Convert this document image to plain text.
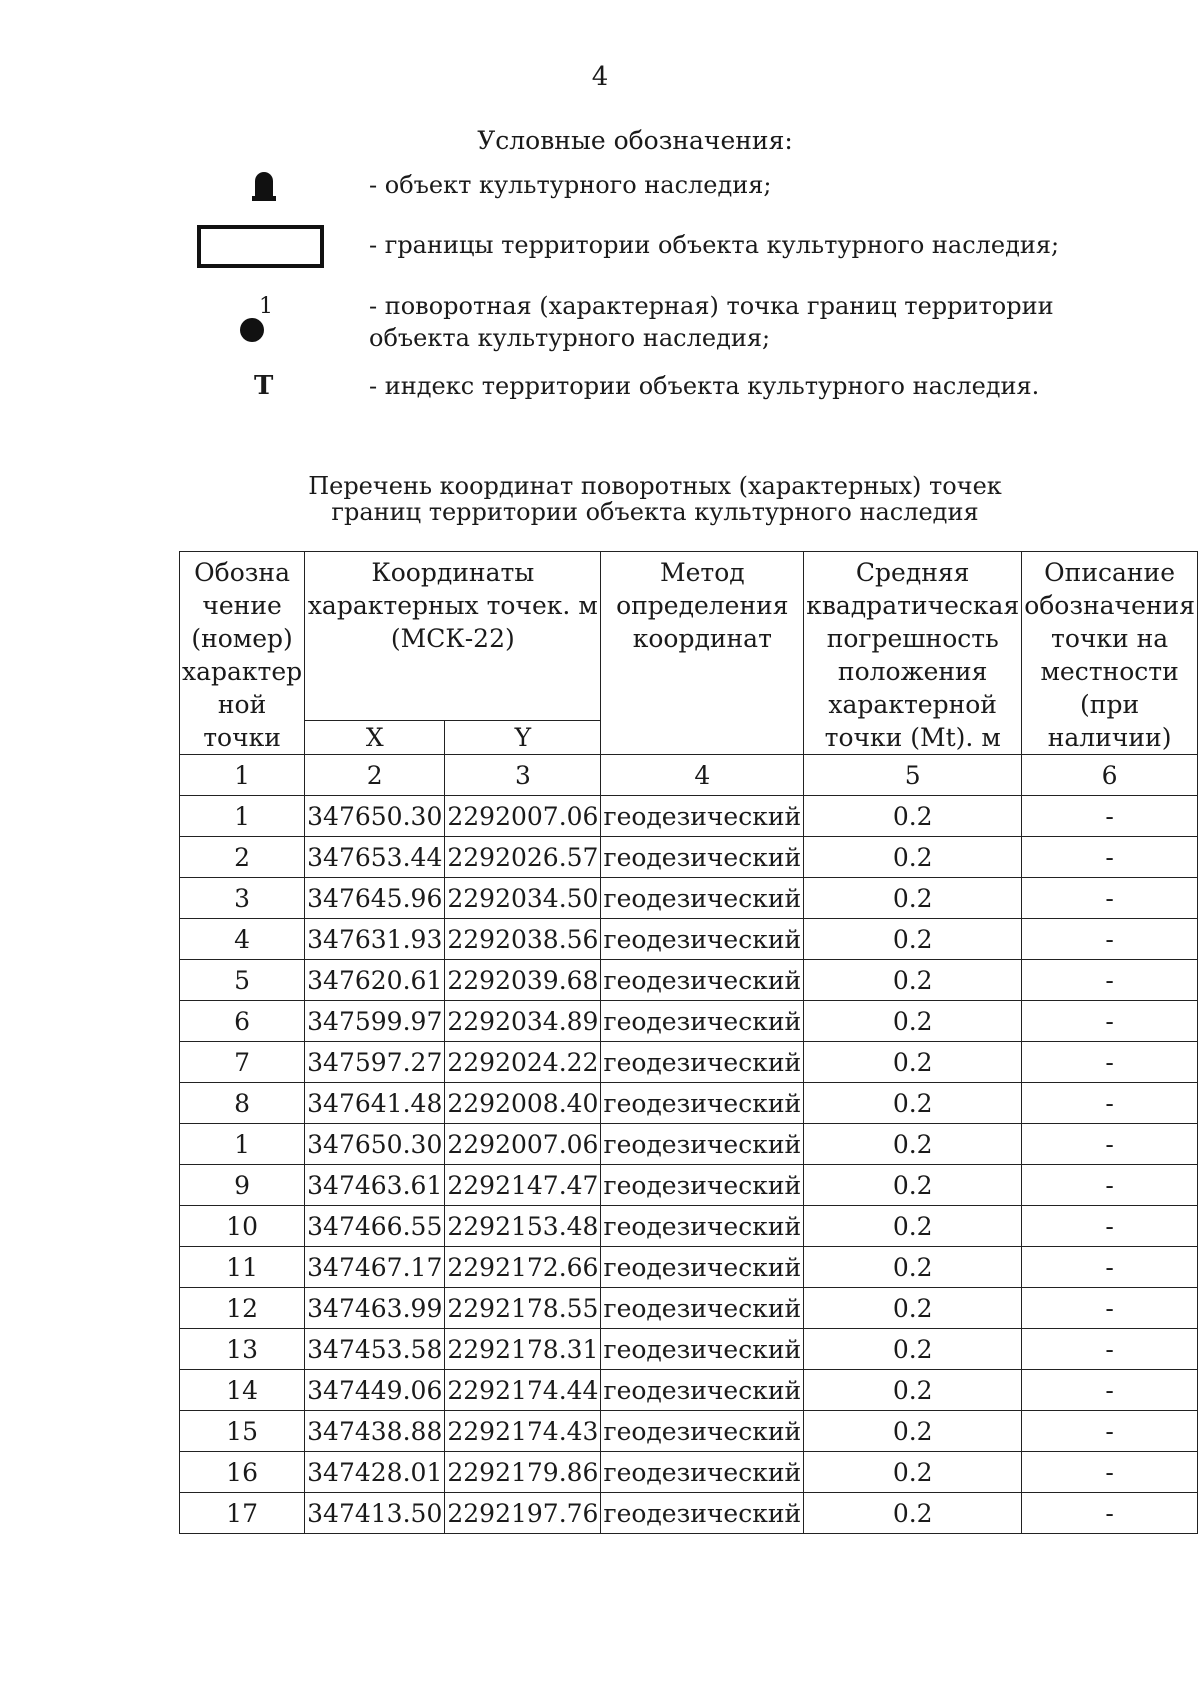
4
Условные обозначения:
- объект культурного наследия;
- границы территории объекта культурного наследия;
1	- поворотная (характерная) точка границ территории объекта культурного наследия;
Т	- индекс территории объекта культурного наследия.
Перечень координат поворотных (характерных) точек
границ территории объекта культурного наследия
Обозна чение (номер) характер ной точки	Координаты характерных точек. м (МСК-22)		Метод определения координат	Средняя квадратическая погрешность положения характерной точки (Mt). м	Описание обозначения точки на местности (при наличии)
	X	Y			
1	2	3	4	5	6
1	347650.30	2292007.06	геодезический	0.2	-
2	347653.44	2292026.57	геодезический	0.2	-
3	347645.96	2292034.50	геодезический	0.2	-
4	347631.93	2292038.56	геодезический	0.2	-
5	347620.61	2292039.68	геодезический	0.2	-
6	347599.97	2292034.89	геодезический	0.2	-
7	347597.27	2292024.22	геодезический	0.2	-
8	347641.48	2292008.40	геодезический	0.2	-
1	347650.30	2292007.06	геодезический	0.2	-
9	347463.61	2292147.47	геодезический	0.2	-
10	347466.55	2292153.48	геодезический	0.2	-
11	347467.17	2292172.66	геодезический	0.2	-
12	347463.99	2292178.55	геодезический	0.2	-
13	347453.58	2292178.31	геодезический	0.2	-
14	347449.06	2292174.44	геодезический	0.2	-
15	347438.88	2292174.43	геодезический	0.2	-
16	347428.01	2292179.86	геодезический	0.2	-
17	347413.50	2292197.76	геодезический	0.2	-
